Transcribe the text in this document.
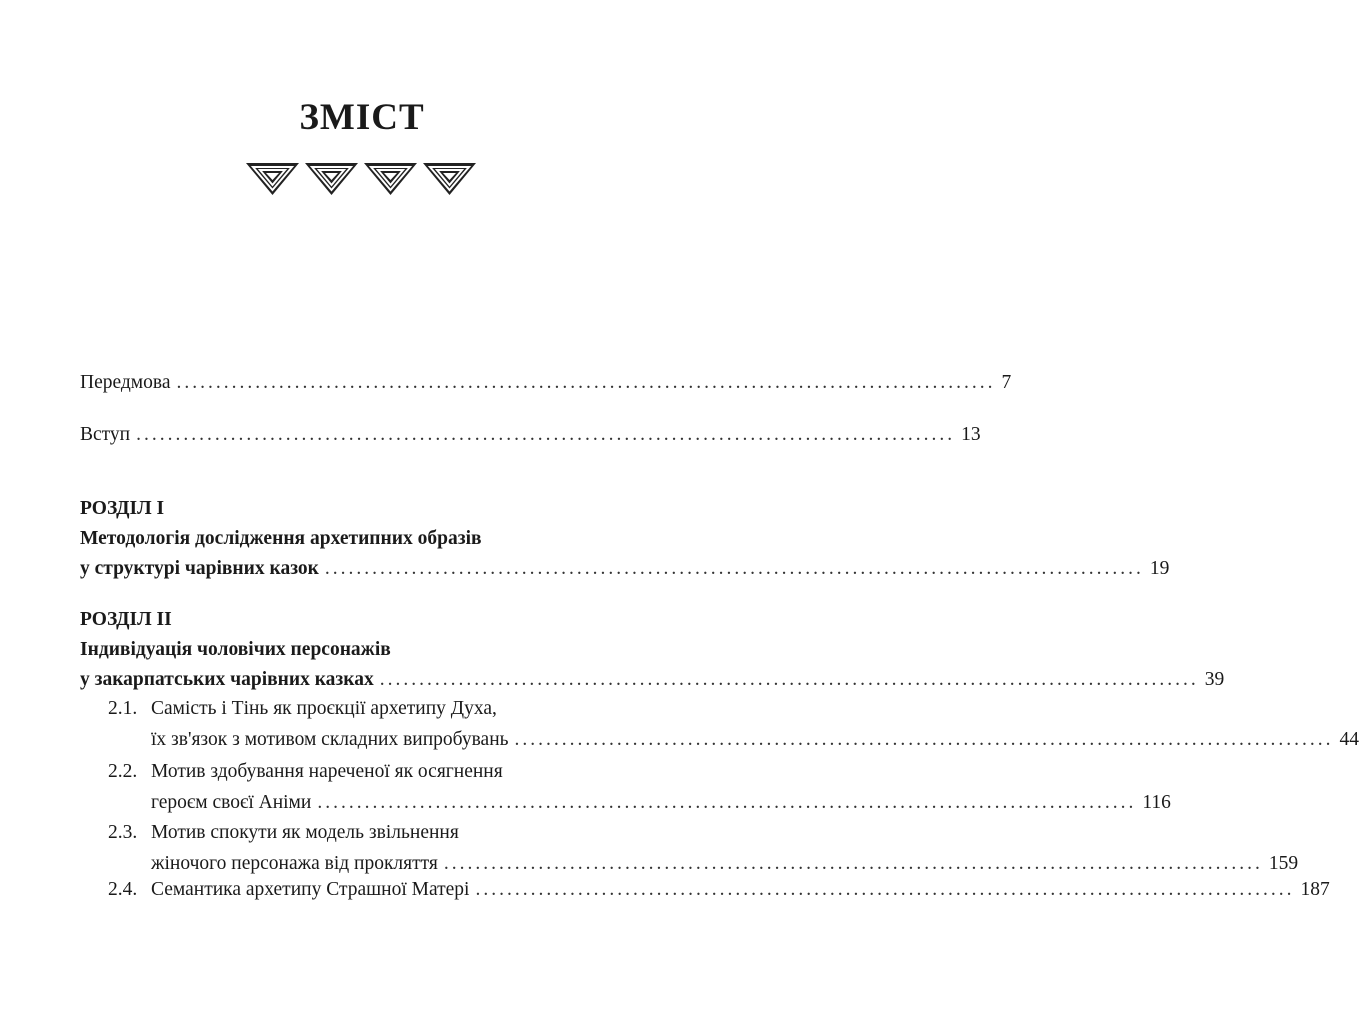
ЗМІСТ
Передмова ........................................................................................................ 7
Вступ ........................................................................................................ 13
РОЗДІЛ I
Методологія дослідження архетипних образів
у структурі чарівних казок ........................................................................................................ 19
РОЗДІЛ II
Індивідуація чоловічих персонажів
у закарпатських чарівних казках ........................................................................................................ 39
2.1. Самість і Тінь як проєкції архетипу Духа,
їх зв'язок з мотивом складних випробувань ........................................................................................................ 44
2.2. Мотив здобування нареченої як осягнення
героєм своєї Аніми ........................................................................................................ 116
2.3. Мотив спокути як модель звільнення
жіночого персонажа від прокляття ........................................................................................................ 159
2.4. Семантика архетипу Страшної Матері ........................................................................................................ 187
